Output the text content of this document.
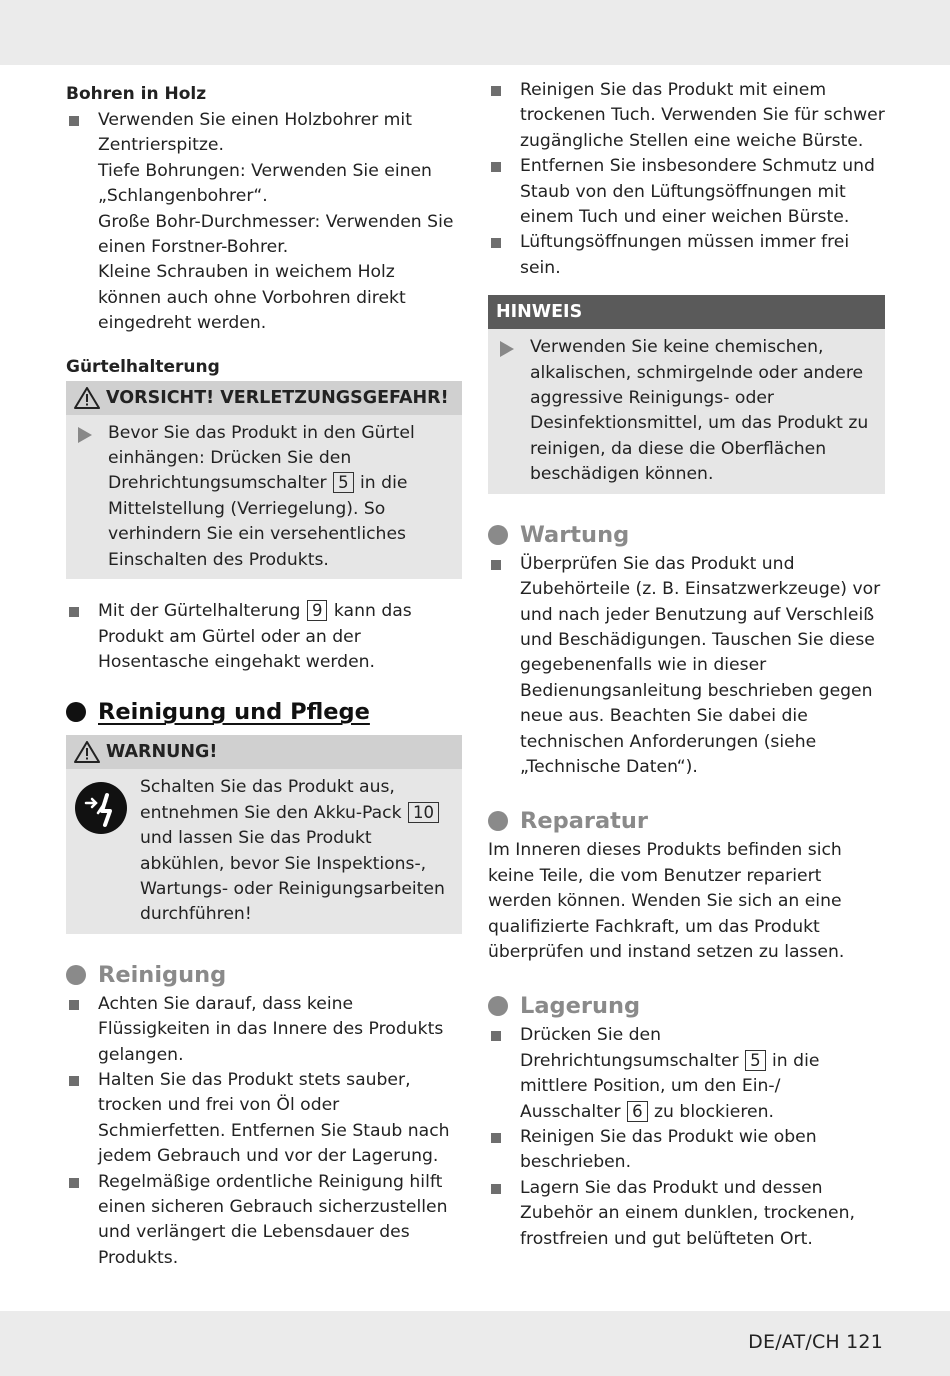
Bohren in Holz
Verwenden Sie einen Holzbohrer mit Zentrierspitze.
Tiefe Bohrungen: Verwenden Sie einen „Schlangenbohrer“.
Große Bohr-Durchmesser: Verwenden Sie einen Forstner-Bohrer.
Kleine Schrauben in weichem Holz können auch ohne Vorbohren direkt eingedreht werden.
Gürtelhalterung
VORSICHT! VERLETZUNGSGEFAHR!
Bevor Sie das Produkt in den Gürtel einhängen: Drücken Sie den Drehrichtungsumschalter 5 in die Mittelstellung (Verriegelung). So verhindern Sie ein versehentliches Einschalten des Produkts.
Mit der Gürtelhalterung 9 kann das Produkt am Gürtel oder an der Hosentasche eingehakt werden.
Reinigung und Pflege
WARNUNG!
Schalten Sie das Produkt aus, entnehmen Sie den Akku-Pack 10 und lassen Sie das Produkt abkühlen, bevor Sie Inspektions-, Wartungs- oder Reinigungsarbeiten durchführen!
Reinigung
Achten Sie darauf, dass keine Flüssigkeiten in das Innere des Produkts gelangen.
Halten Sie das Produkt stets sauber, trocken und frei von Öl oder Schmierfetten. Entfernen Sie Staub nach jedem Gebrauch und vor der Lagerung.
Regelmäßige ordentliche Reinigung hilft einen sicheren Gebrauch sicherzustellen und verlängert die Lebensdauer des Produkts.
Reinigen Sie das Produkt mit einem trockenen Tuch. Verwenden Sie für schwer zugängliche Stellen eine weiche Bürste.
Entfernen Sie insbesondere Schmutz und Staub von den Lüftungsöffnungen mit einem Tuch und einer weichen Bürste.
Lüftungsöffnungen müssen immer frei sein.
HINWEIS
Verwenden Sie keine chemischen, alkalischen, schmirgelnde oder andere aggressive Reinigungs- oder Desinfektionsmittel, um das Produkt zu reinigen, da diese die Oberflächen beschädigen können.
Wartung
Überprüfen Sie das Produkt und Zubehörteile (z. B. Einsatzwerkzeuge) vor und nach jeder Benutzung auf Verschleiß und Beschädigungen. Tauschen Sie diese gegebenenfalls wie in dieser Bedienungsanleitung beschrieben gegen neue aus. Beachten Sie dabei die technischen Anforderungen (siehe „Technische Daten“).
Reparatur

Im Inneren dieses Produkts befinden sich keine Teile, die vom Benutzer repariert werden können. Wenden Sie sich an eine qualifizierte Fachkraft, um das Produkt überprüfen und instand setzen zu lassen.

Lagerung
Drücken Sie den Drehrichtungsumschalter 5 in die mittlere Position, um den Ein-/ Ausschalter 6 zu blockieren.
Reinigen Sie das Produkt wie oben beschrieben.
Lagern Sie das Produkt und dessen Zubehör an einem dunklen, trockenen, frostfreien und gut belüfteten Ort.
DE/AT/CH 121
